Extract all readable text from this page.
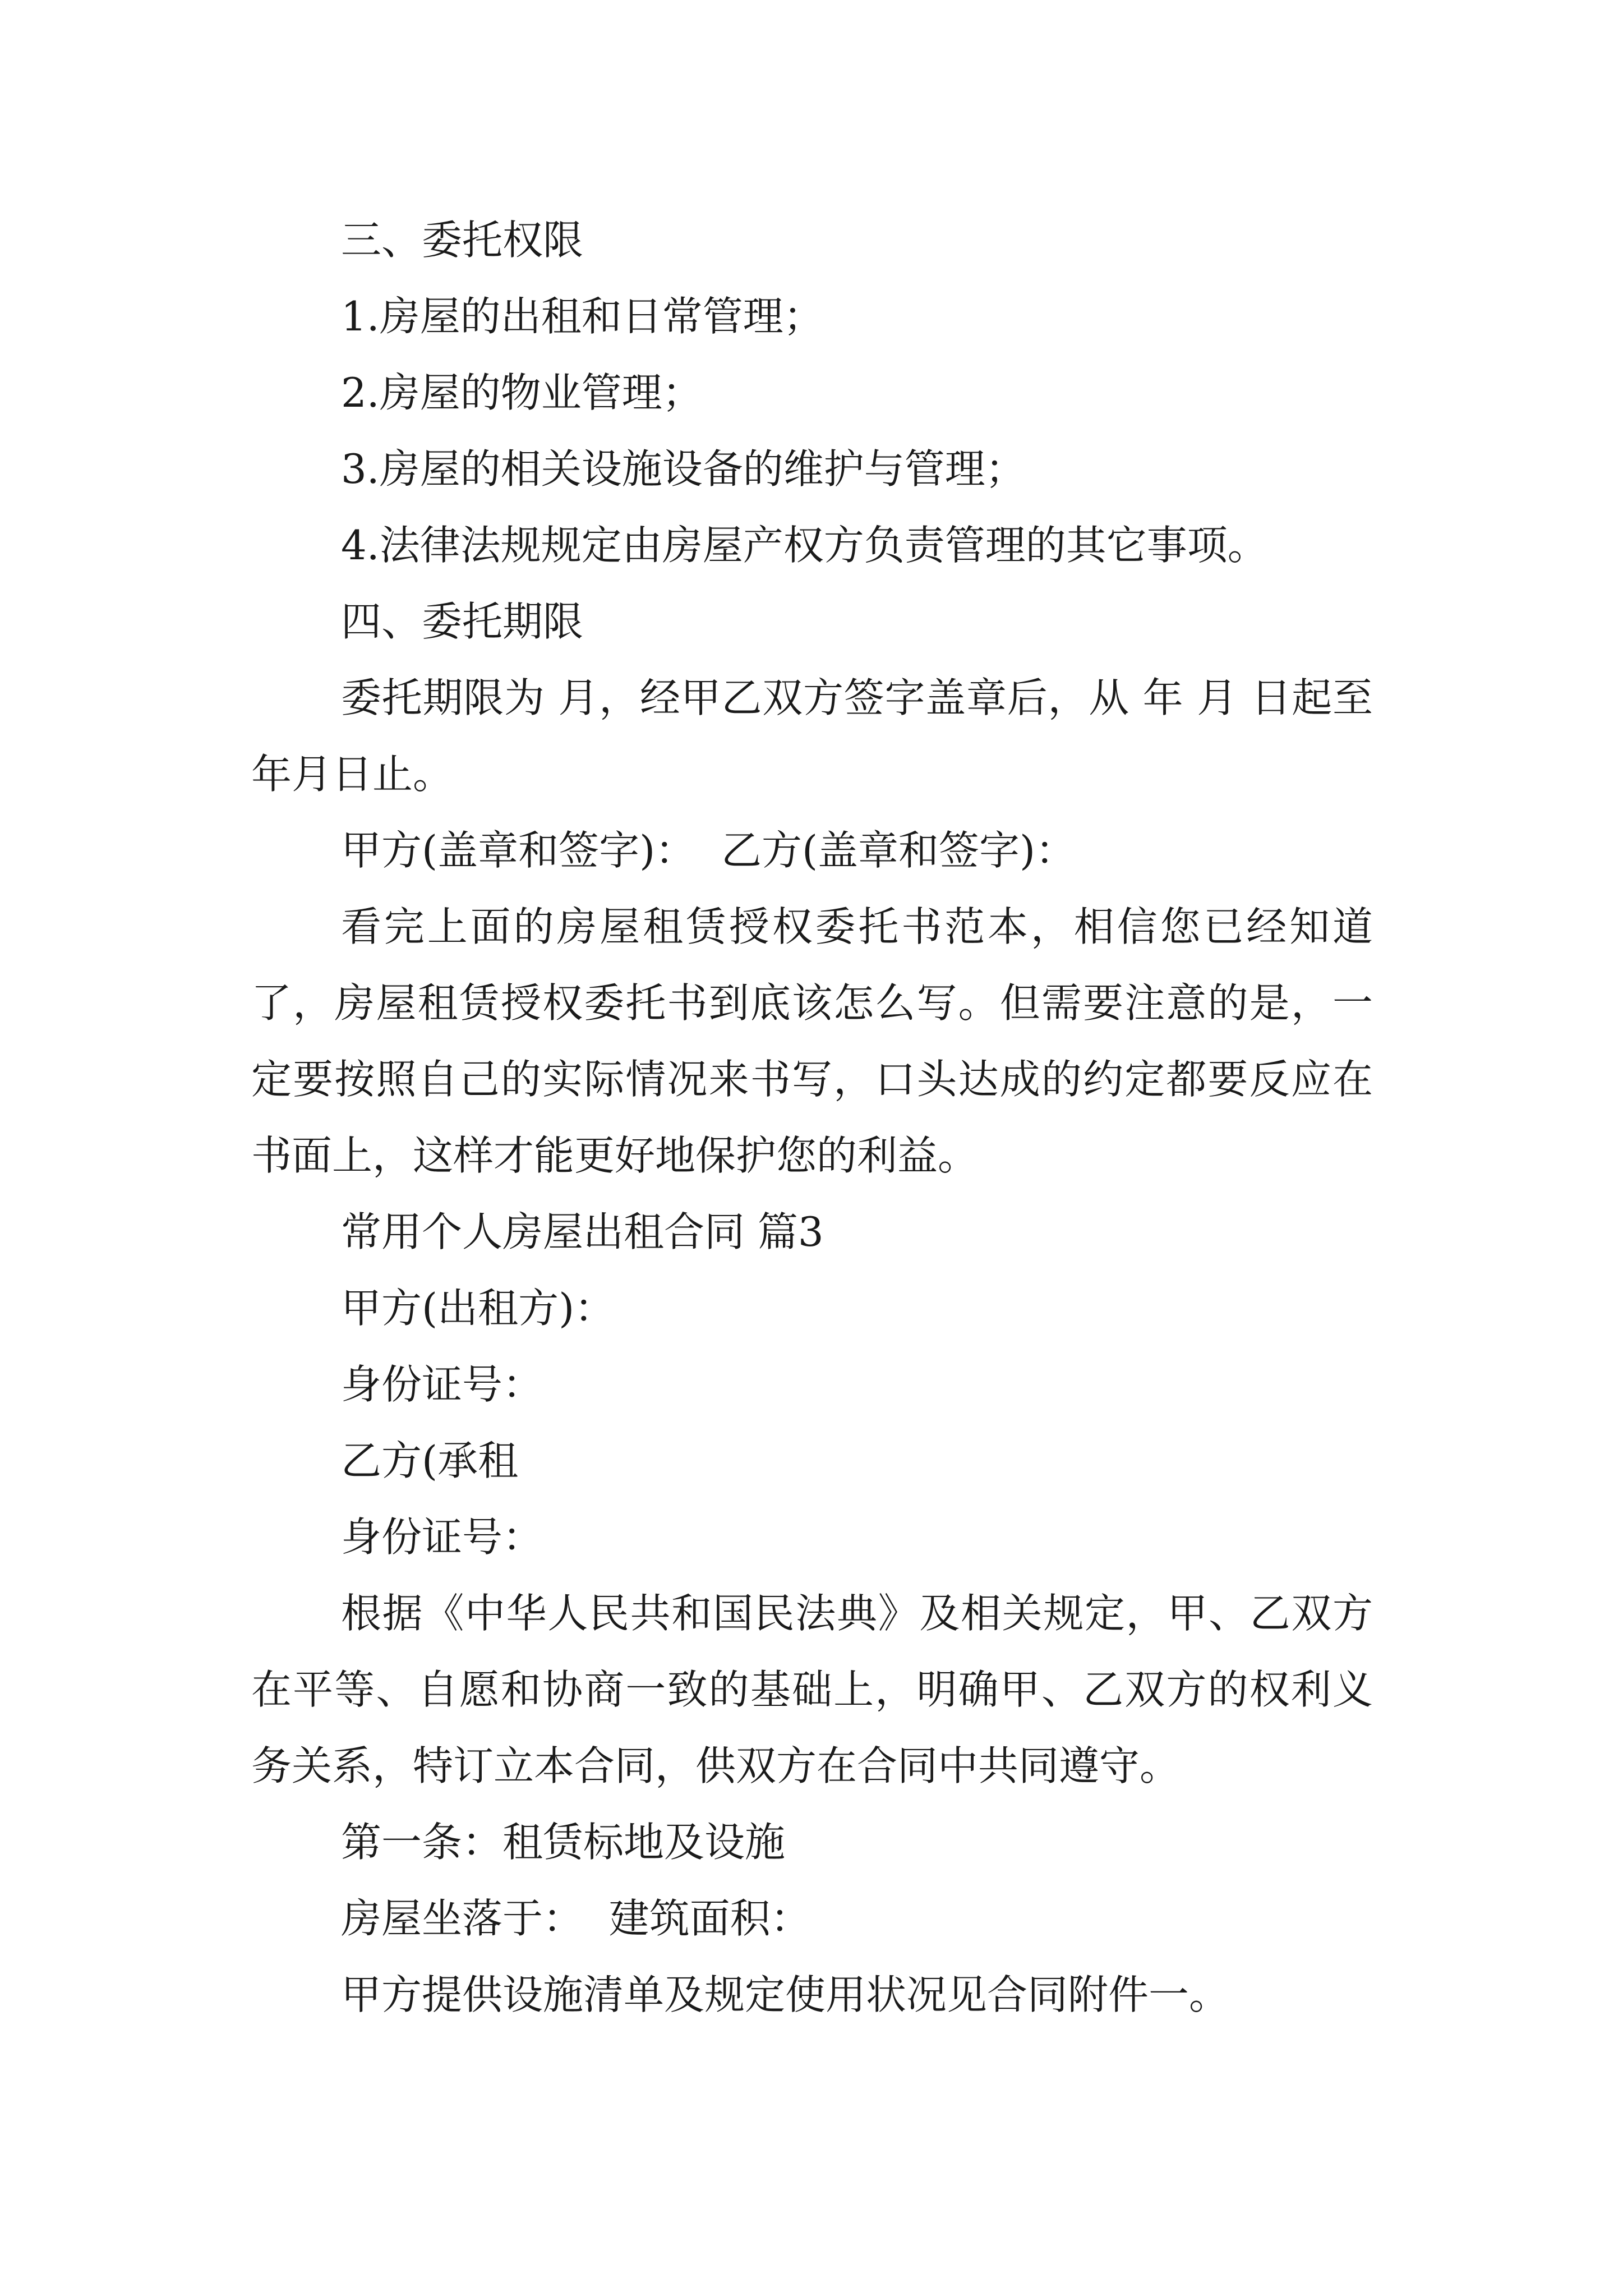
三、委托权限

1.房屋的出租和日常管理；

2.房屋的物业管理；

3.房屋的相关设施设备的维护与管理；

4.法律法规规定由房屋产权方负责管理的其它事项。

四、委托期限

委托期限为 月，经甲乙双方签字盖章后，从 年 月 日起至年月日止。

甲方(盖章和签字)：  乙方(盖章和签字)：

看完上面的房屋租赁授权委托书范本，相信您已经知道了，房屋租赁授权委托书到底该怎么写。但需要注意的是，一定要按照自己的实际情况来书写，口头达成的约定都要反应在书面上，这样才能更好地保护您的利益。

常用个人房屋出租合同 篇3

甲方(出租方)：

身份证号：

乙方(承租

身份证号：

根据《中华人民共和国民法典》及相关规定，甲、乙双方在平等、自愿和协商一致的基础上，明确甲、乙双方的权利义务关系，特订立本合同，供双方在合同中共同遵守。

第一条：租赁标地及设施

房屋坐落于：  建筑面积：

甲方提供设施清单及规定使用状况见合同附件一。
